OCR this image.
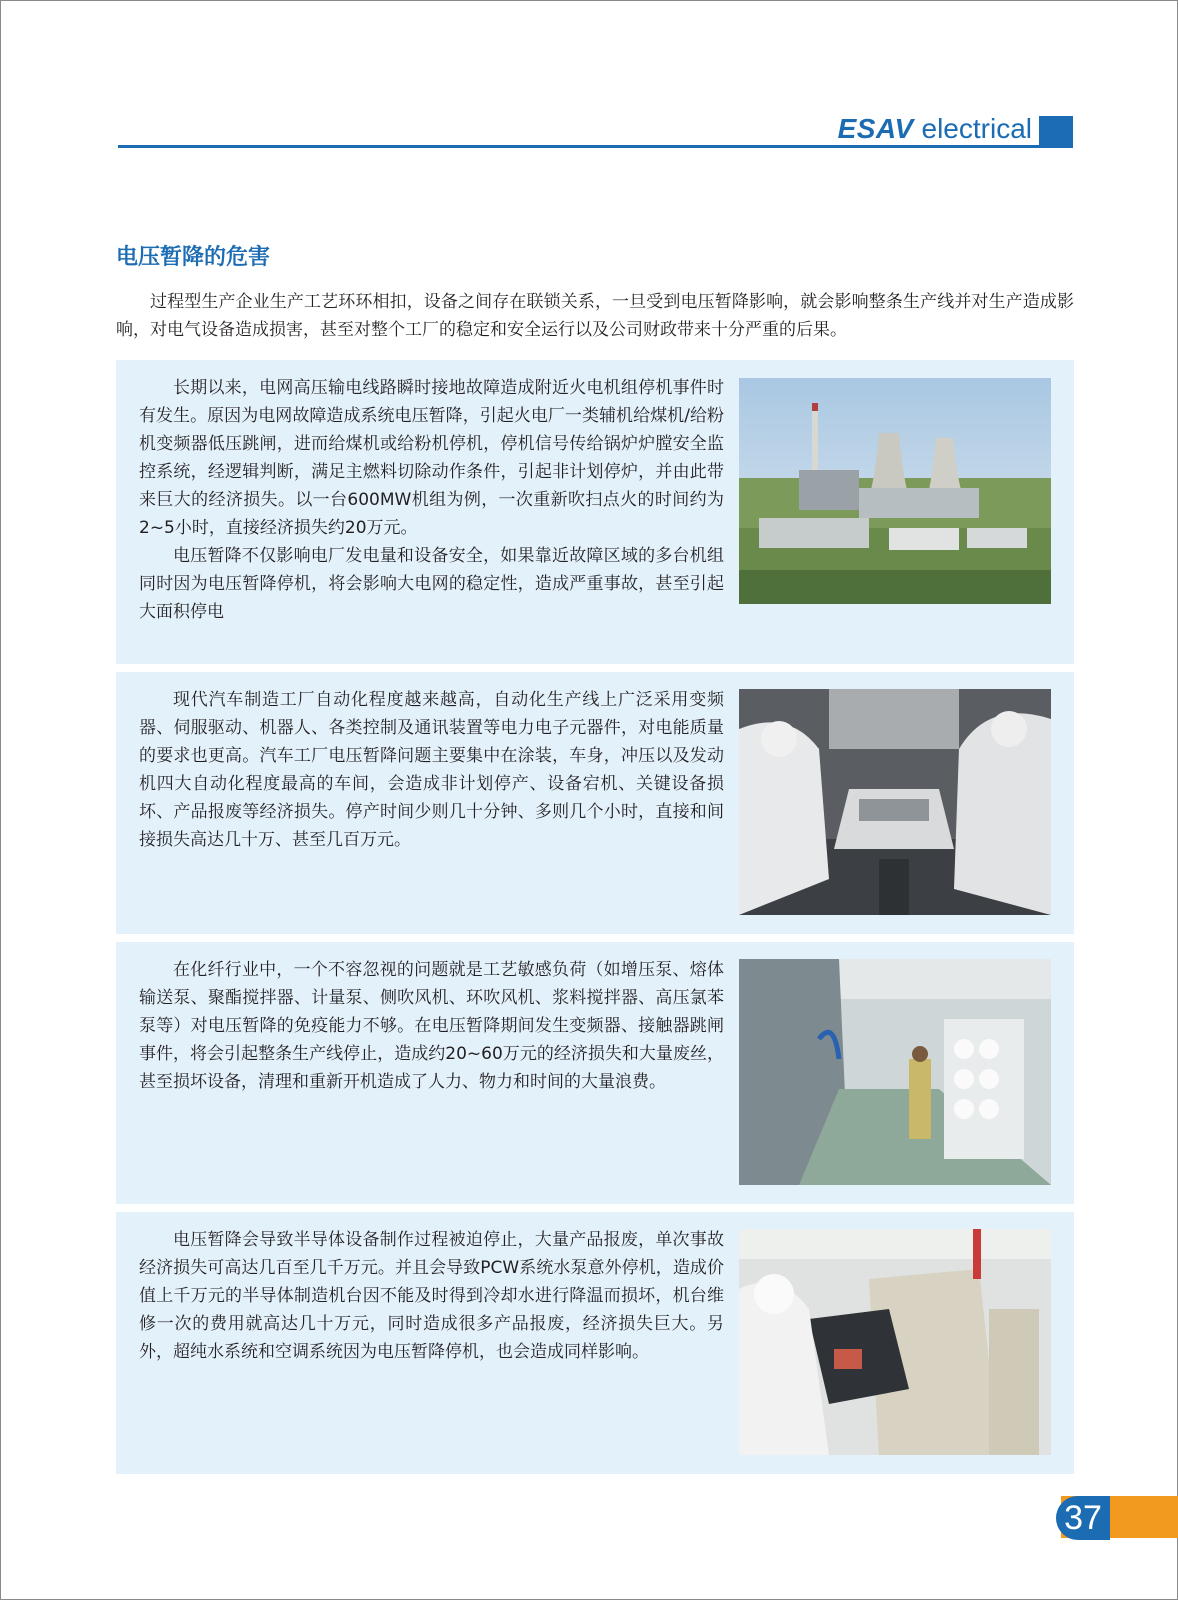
ESAV electrical
电压暂降的危害

过程型生产企业生产工艺环环相扣，设备之间存在联锁关系，一旦受到电压暂降影响，就会影响整条生产线并对生产造成影响，对电气设备造成损害，甚至对整个工厂的稳定和安全运行以及公司财政带来十分严重的后果。

长期以来，电网高压输电线路瞬时接地故障造成附近火电机组停机事件时有发生。原因为电网故障造成系统电压暂降，引起火电厂一类辅机给煤机/给粉机变频器低压跳闸，进而给煤机或给粉机停机，停机信号传给锅炉炉膛安全监控系统，经逻辑判断，满足主燃料切除动作条件，引起非计划停炉，并由此带来巨大的经济损失。以一台600MW机组为例，一次重新吹扫点火的时间约为2~5小时，直接经济损失约20万元。

电压暂降不仅影响电厂发电量和设备安全，如果靠近故障区域的多台机组同时因为电压暂降停机，将会影响大电网的稳定性，造成严重事故，甚至引起大面积停电

现代汽车制造工厂自动化程度越来越高，自动化生产线上广泛采用变频器、伺服驱动、机器人、各类控制及通讯装置等电力电子元器件，对电能质量的要求也更高。汽车工厂电压暂降问题主要集中在涂装，车身，冲压以及发动机四大自动化程度最高的车间，会造成非计划停产、设备宕机、关键设备损坏、产品报废等经济损失。停产时间少则几十分钟、多则几个小时，直接和间接损失高达几十万、甚至几百万元。

在化纤行业中，一个不容忽视的问题就是工艺敏感负荷（如增压泵、熔体输送泵、聚酯搅拌器、计量泵、侧吹风机、环吹风机、浆料搅拌器、高压氯苯泵等）对电压暂降的免疫能力不够。在电压暂降期间发生变频器、接触器跳闸事件，将会引起整条生产线停止，造成约20~60万元的经济损失和大量废丝，甚至损坏设备，清理和重新开机造成了人力、物力和时间的大量浪费。

电压暂降会导致半导体设备制作过程被迫停止，大量产品报废，单次事故经济损失可高达几百至几千万元。并且会导致PCW系统水泵意外停机，造成价值上千万元的半导体制造机台因不能及时得到冷却水进行降温而损坏，机台维修一次的费用就高达几十万元，同时造成很多产品报废，经济损失巨大。另外，超纯水系统和空调系统因为电压暂降停机，也会造成同样影响。

37
